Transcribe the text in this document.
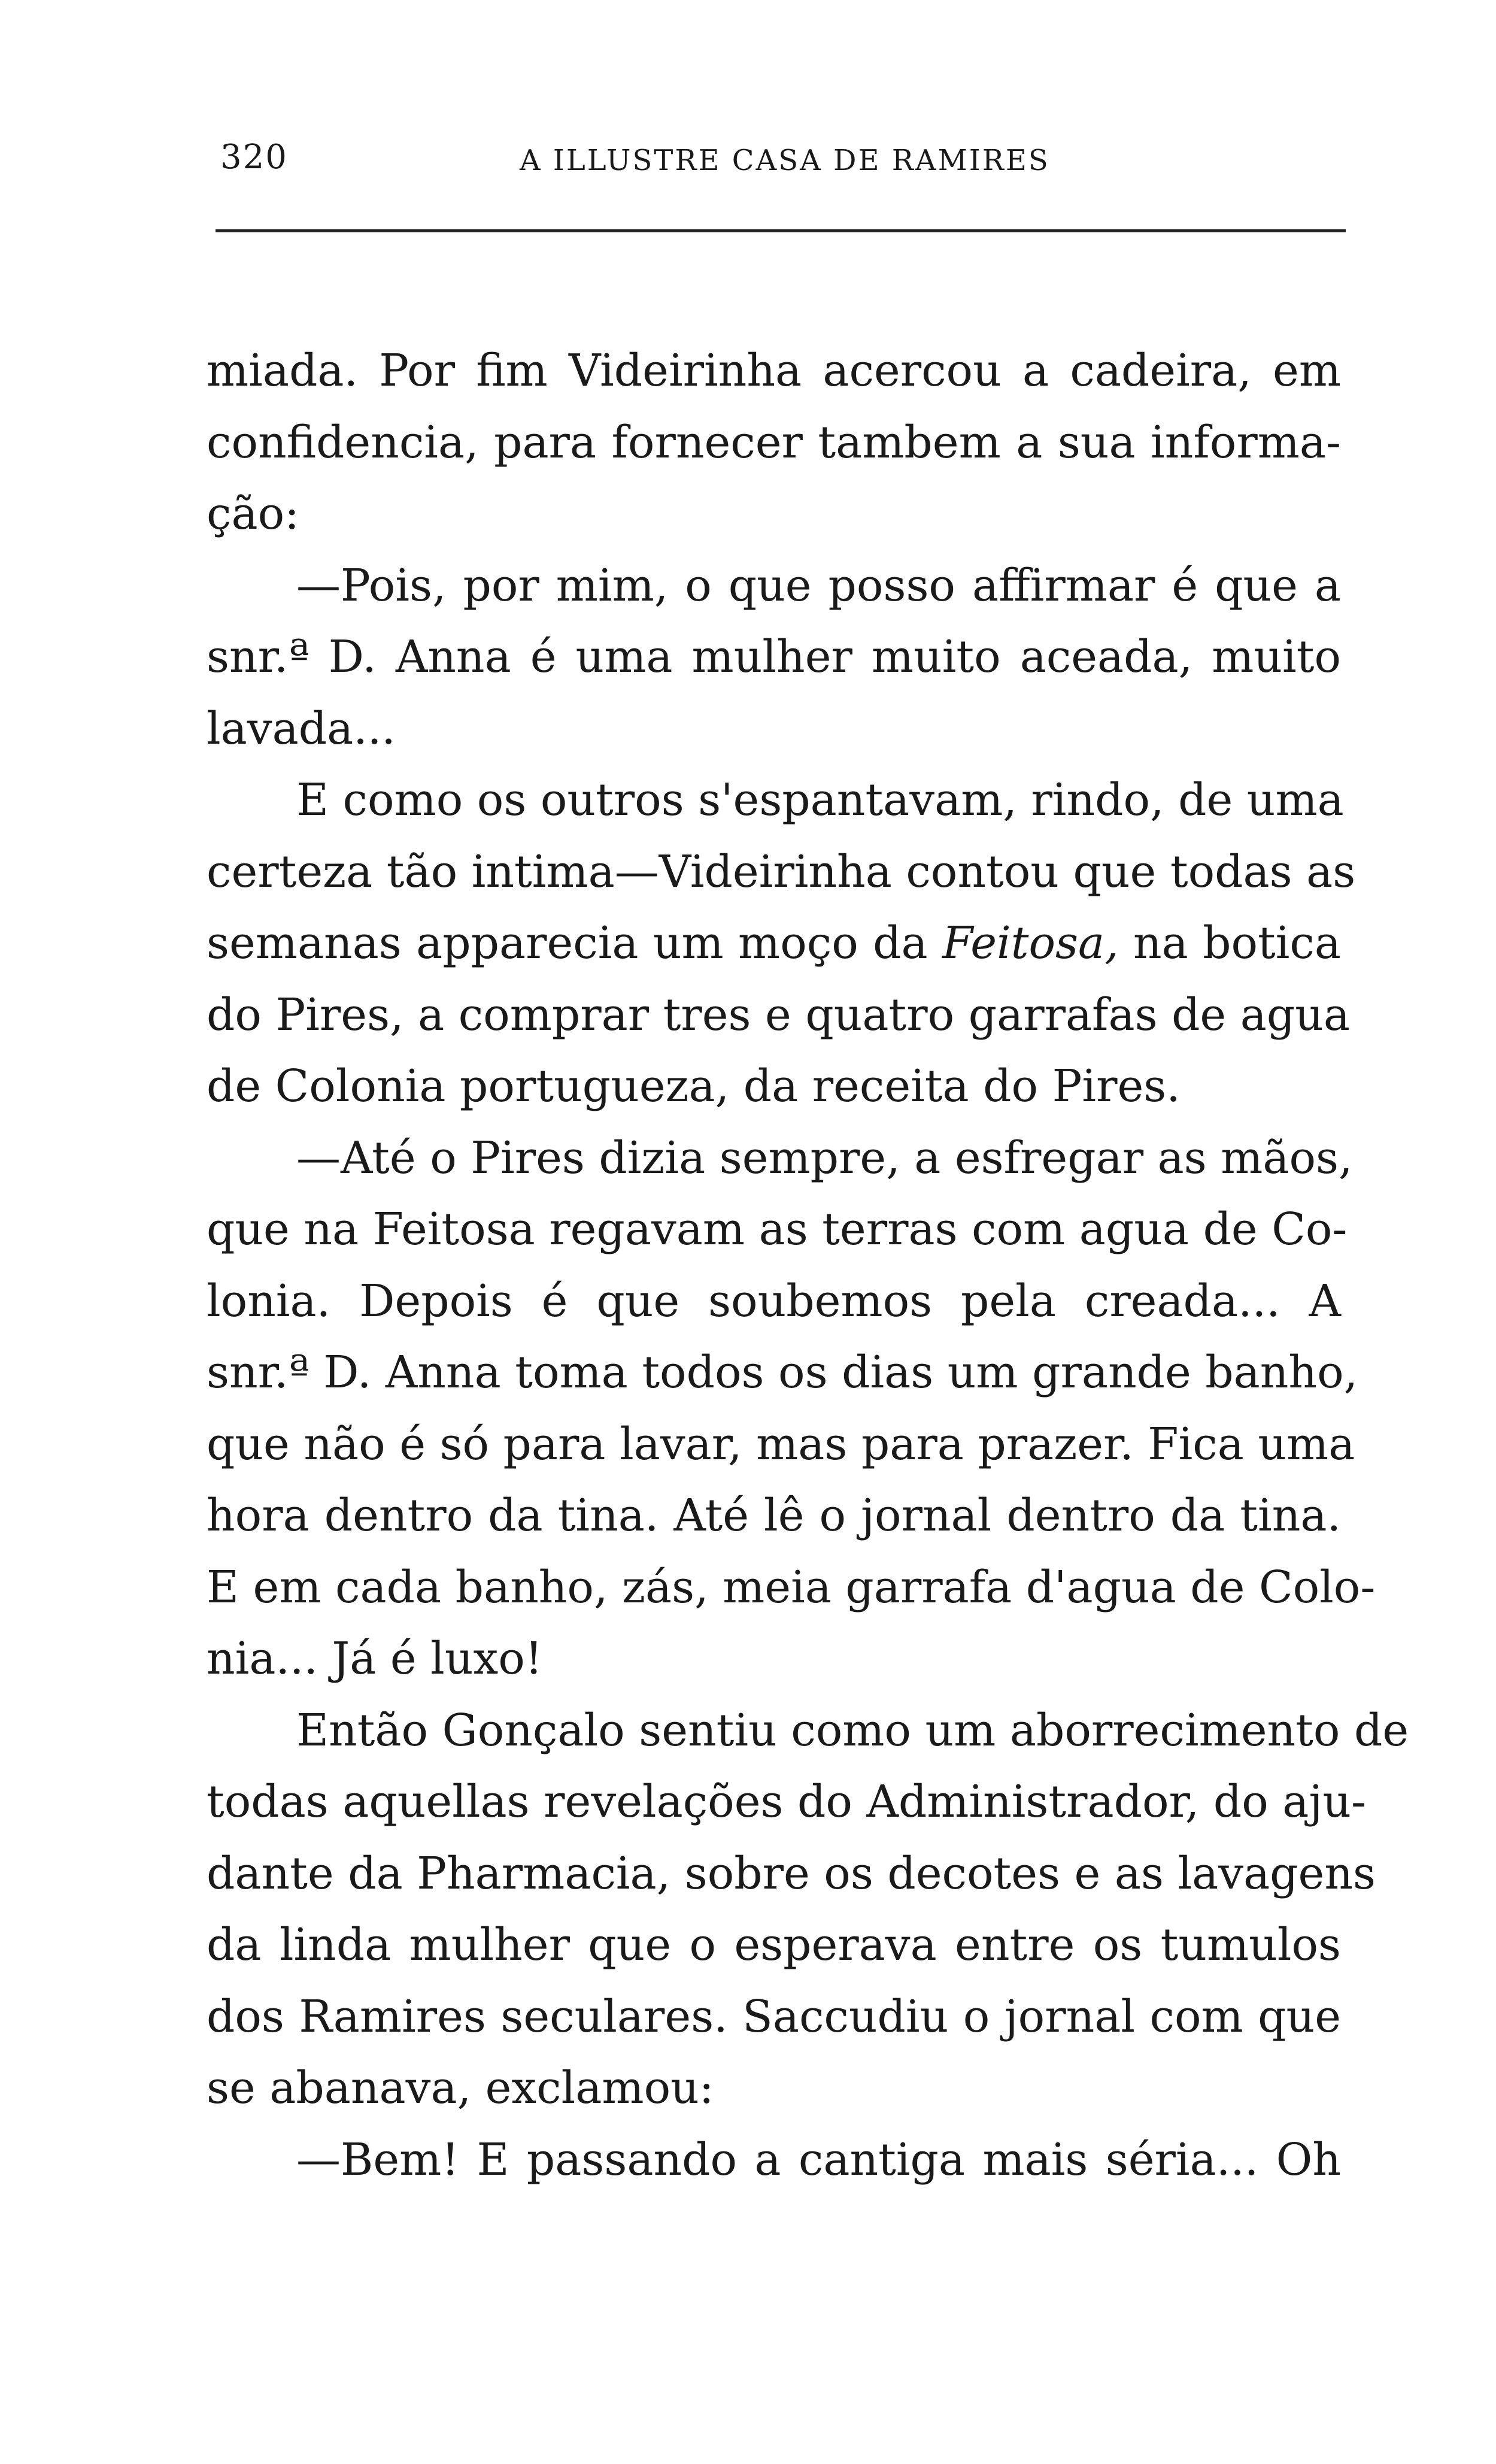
320	A ILLUSTRE CASA DE RAMIRES
miada. Por fim Videirinha acercou a cadeira, em
confidencia, para fornecer tambem a sua informa-
ção:
—Pois, por mim, o que posso affirmar é que a
snr.ª D. Anna é uma mulher muito aceada, muito
lavada...
E como os outros s'espantavam, rindo, de uma
certeza tão intima—Videirinha contou que todas as
semanas apparecia um moço da Feitosa, na botica
do Pires, a comprar tres e quatro garrafas de agua
de Colonia portugueza, da receita do Pires.
—Até o Pires dizia sempre, a esfregar as mãos,
que na Feitosa regavam as terras com agua de Co-
lonia. Depois é que soubemos pela creada... A
snr.ª D. Anna toma todos os dias um grande banho,
que não é só para lavar, mas para prazer. Fica uma
hora dentro da tina. Até lê o jornal dentro da tina.
E em cada banho, zás, meia garrafa d'agua de Colo-
nia... Já é luxo!
Então Gonçalo sentiu como um aborrecimento de
todas aquellas revelações do Administrador, do aju-
dante da Pharmacia, sobre os decotes e as lavagens
da linda mulher que o esperava entre os tumulos
dos Ramires seculares. Saccudiu o jornal com que
se abanava, exclamou:
—Bem! E passando a cantiga mais séria... Oh
